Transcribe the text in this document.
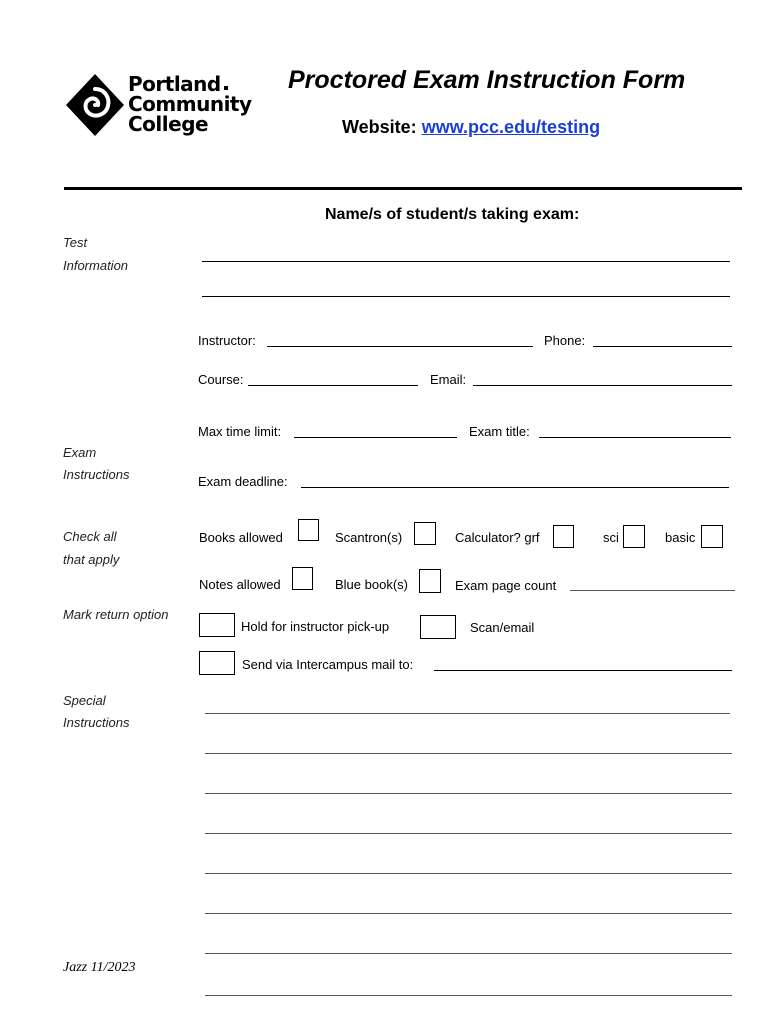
Portland
Community
College
Proctored Exam Instruction Form
Website: www.pcc.edu/testing
Name/s of student/s taking exam:
Test
Information
Exam
Instructions
Check all
that apply
Mark return option
Special
Instructions
Instructor:	Phone:
Course:	Email:
Max time limit:	Exam title:
Exam deadline:
Books allowed	Scantron(s)	Calculator? grf	sci	basic
Notes allowed	Blue book(s)	Exam page count
Hold for instructor pick-up	Scan/email
Send via Intercampus mail to:
Jazz 11/2023
